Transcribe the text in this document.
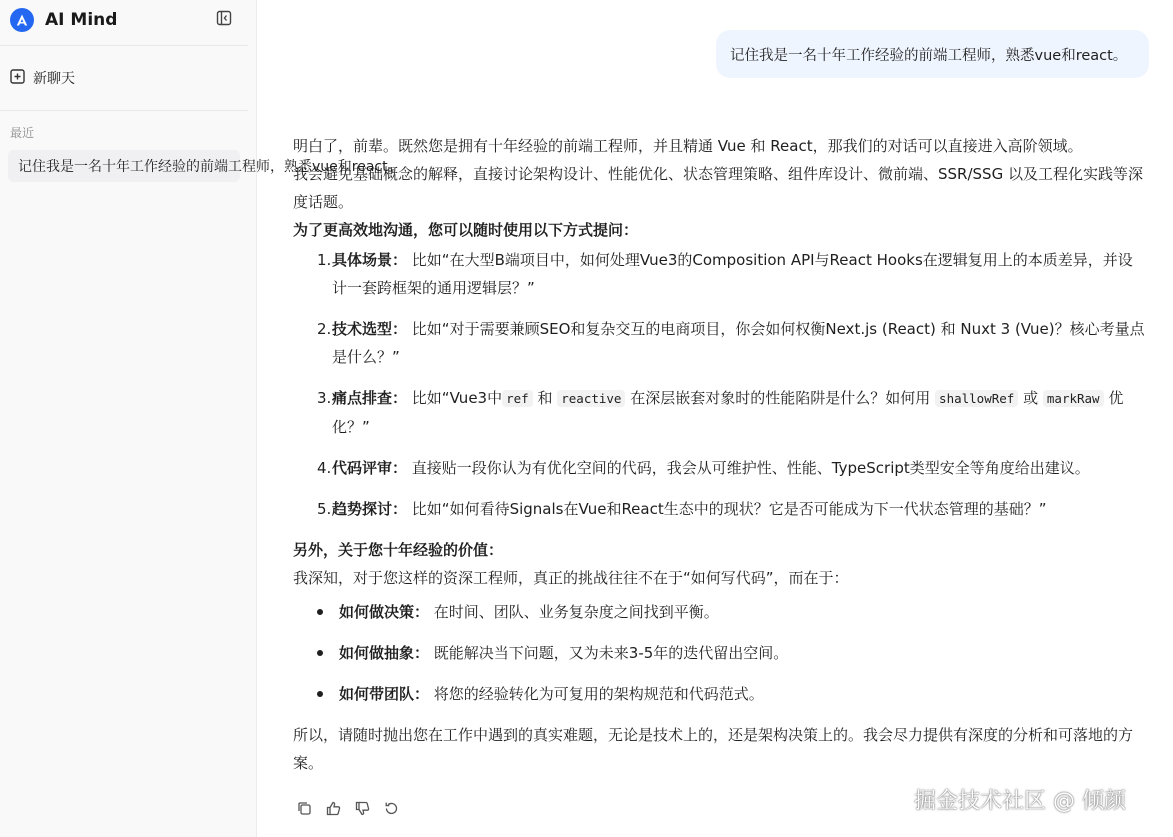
AI Mind
新聊天
最近
记住我是一名十年工作经验的前端工程师，熟悉vue和react。
记住我是一名十年工作经验的前端工程师，熟悉vue和react。

明白了，前辈。既然您是拥有十年经验的前端工程师，并且精通 Vue 和 React，那我们的对话可以直接进入高阶领域。

我会避免基础概念的解释，直接讨论架构设计、性能优化、状态管理策略、组件库设计、微前端、SSR/SSG 以及工程化实践等深度话题。

为了更高效地沟通，您可以随时使用以下方式提问：

1. 具体场景： 比如“在大型B端项目中，如何处理Vue3的Composition API与React Hooks在逻辑复用上的本质差异，并设计一套跨框架的通用逻辑层？”
2. 技术选型： 比如“对于需要兼顾SEO和复杂交互的电商项目，你会如何权衡Next.js (React) 和 Nuxt 3 (Vue)？核心考量点是什么？”
3. 痛点排查： 比如“Vue3中 ref 和 reactive 在深层嵌套对象时的性能陷阱是什么？如何用 shallowRef 或 markRaw 优化？”
4. 代码评审： 直接贴一段你认为有优化空间的代码，我会从可维护性、性能、TypeScript类型安全等角度给出建议。
5. 趋势探讨： 比如“如何看待Signals在Vue和React生态中的现状？它是否可能成为下一代状态管理的基础？”

另外，关于您十年经验的价值：

我深知，对于您这样的资深工程师，真正的挑战往往不在于“如何写代码”，而在于：

如何做决策： 在时间、团队、业务复杂度之间找到平衡。
如何做抽象： 既能解决当下问题，又为未来3-5年的迭代留出空间。
如何带团队： 将您的经验转化为可复用的架构规范和代码范式。

所以，请随时抛出您在工作中遇到的真实难题，无论是技术上的，还是架构决策上的。我会尽力提供有深度的分析和可落地的方案。

掘金技术社区 @ 倾颜
